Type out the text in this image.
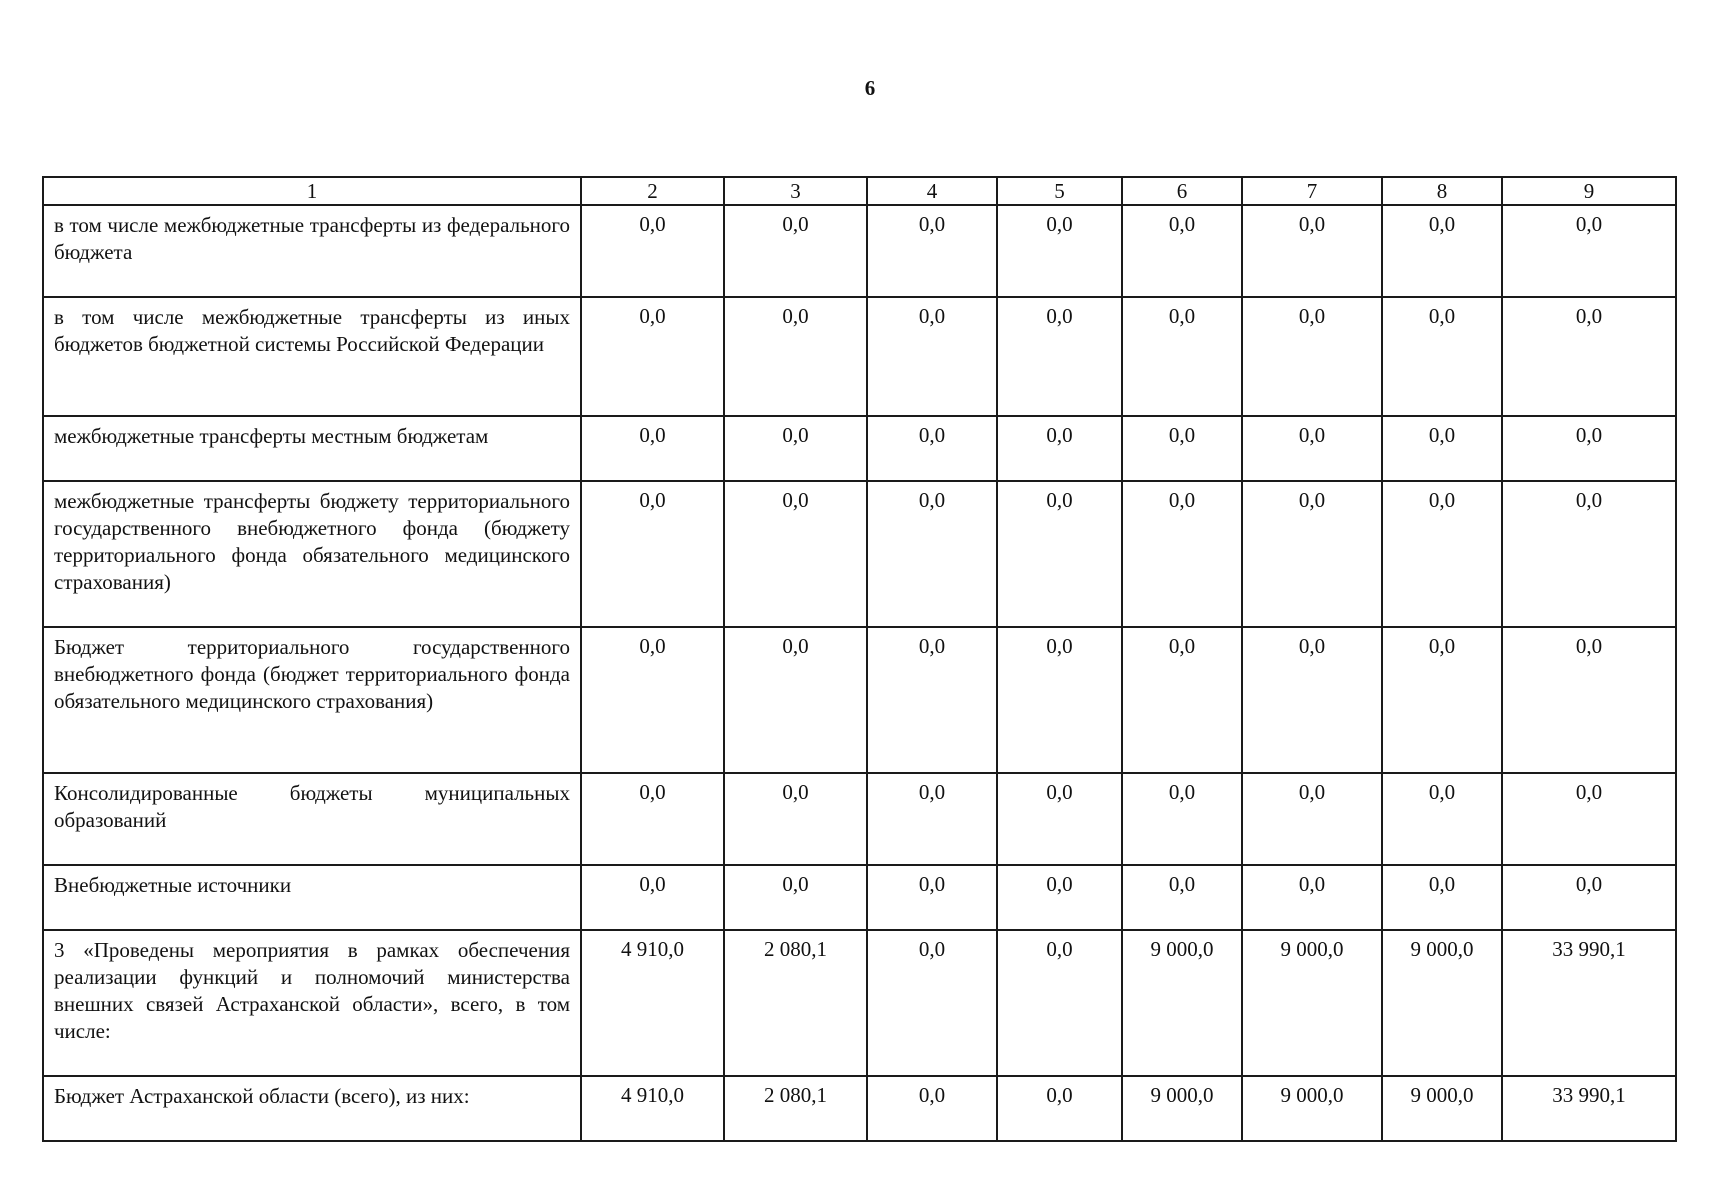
6
1	2	3	4	5	6	7	8	9
в том числе межбюджетные трансферты из федерального бюджета	0,0	0,0	0,0	0,0	0,0	0,0	0,0	0,0
в том числе межбюджетные трансферты из иных бюджетов бюджетной системы Российской Федерации	0,0	0,0	0,0	0,0	0,0	0,0	0,0	0,0
межбюджетные трансферты местным бюджетам	0,0	0,0	0,0	0,0	0,0	0,0	0,0	0,0
межбюджетные трансферты бюджету территориального государственного внебюджетного фонда (бюджету территориального фонда обязательного медицинского страхования)	0,0	0,0	0,0	0,0	0,0	0,0	0,0	0,0
Бюджет территориального государственного внебюджетного фонда (бюджет территориального фонда обязательного медицинского страхования)	0,0	0,0	0,0	0,0	0,0	0,0	0,0	0,0
Консолидированные бюджеты муниципальных образований	0,0	0,0	0,0	0,0	0,0	0,0	0,0	0,0
Внебюджетные источники	0,0	0,0	0,0	0,0	0,0	0,0	0,0	0,0
3 «Проведены мероприятия в рамках обеспечения реализации функций и полномочий министерства внешних связей Астраханской области», всего, в том числе:	4 910,0	2 080,1	0,0	0,0	9 000,0	9 000,0	9 000,0	33 990,1
Бюджет Астраханской области (всего), из них:	4 910,0	2 080,1	0,0	0,0	9 000,0	9 000,0	9 000,0	33 990,1
